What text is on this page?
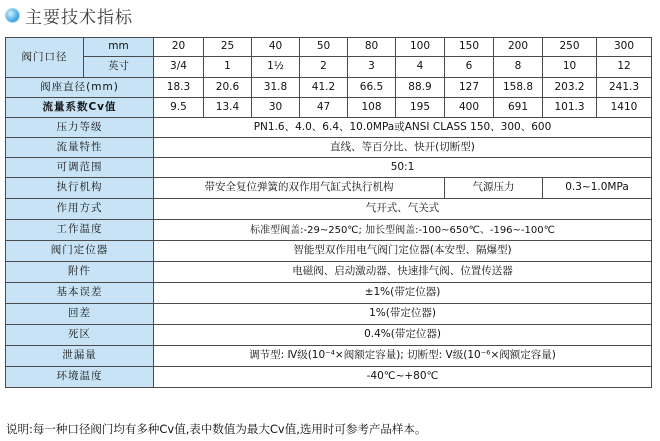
主要技术指标
阀门口径	mm	20	25	40	50	80	100	150	200	250	300
	英寸	3/4	1	1½	2	3	4	6	8	10	12
阀座直径(mm)		18.3	20.6	31.8	41.2	66.5	88.9	127	158.8	203.2	241.3
流量系数Cv值		9.5	13.4	30	47	108	195	400	691	101.3	1410
压力等级		PN1.6、4.0、6.4、10.0MPa或ANSI CLASS 150、300、600									
流量特性		直线、等百分比、快开(切断型)									
可调范围		50:1									
执行机构		带安全复位弹簧的双作用气缸式执行机构						气源压力		0.3~1.0MPa	
作用方式		气开式、气关式									
工作温度		标准型阀盖:-29~250℃; 加长型阀盖:-100~650℃、-196~-100℃									
阀门定位器		智能型双作用电气阀门定位器(本安型、隔爆型)									
附件		电磁阀、启动激动器、快速排气阀、位置传送器									
基本误差		±1%(带定位器)									
回差		1%(带定位器)									
死区		0.4%(带定位器)									
泄漏量		调节型: Ⅳ级(10⁻⁴×阀额定容量); 切断型: Ⅴ级(10⁻⁶×阀额定容量)									
环境温度		-40℃~+80℃									
说明:每一种口径阀门均有多种Cv值,表中数值为最大Cv值,选用时可参考产品样本。
